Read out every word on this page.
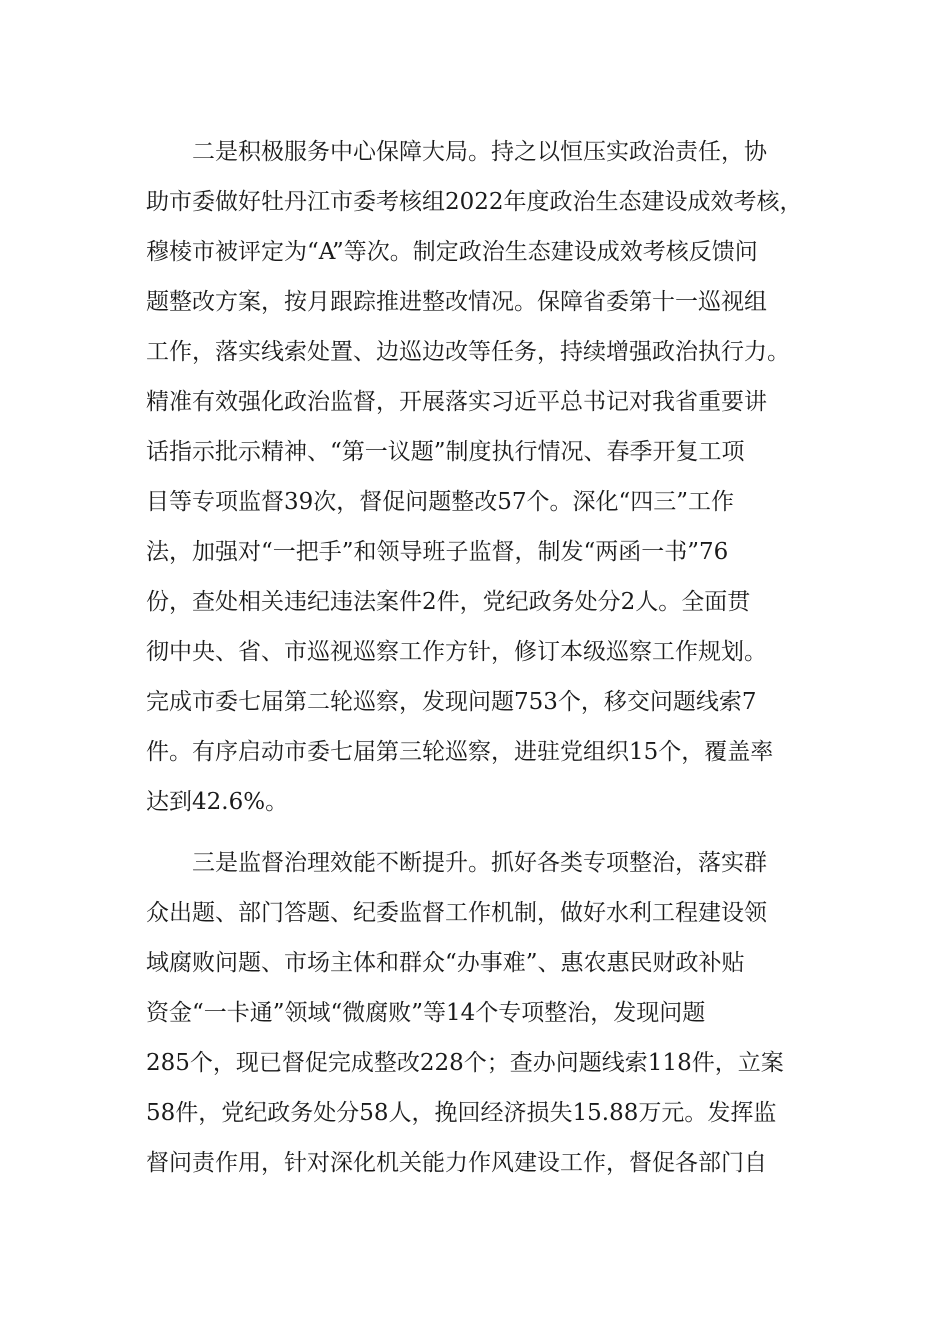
二是积极服务中心保障大局。持之以恒压实政治责任，协
助市委做好牡丹江市委考核组2022年度政治生态建设成效考核，
穆棱市被评定为“A”等次。制定政治生态建设成效考核反馈问
题整改方案，按月跟踪推进整改情况。保障省委第十一巡视组
工作，落实线索处置、边巡边改等任务，持续增强政治执行力。
精准有效强化政治监督，开展落实习近平总书记对我省重要讲
话指示批示精神、“第一议题”制度执行情况、春季开复工项
目等专项监督39次，督促问题整改57个。深化“四三”工作
法，加强对“一把手”和领导班子监督，制发“两函一书”76
份，查处相关违纪违法案件2件，党纪政务处分2人。全面贯
彻中央、省、市巡视巡察工作方针，修订本级巡察工作规划。
完成市委七届第二轮巡察，发现问题753个，移交问题线索7
件。有序启动市委七届第三轮巡察，进驻党组织15个，覆盖率
达到42.6%。
三是监督治理效能不断提升。抓好各类专项整治，落实群
众出题、部门答题、纪委监督工作机制，做好水利工程建设领
域腐败问题、市场主体和群众“办事难”、惠农惠民财政补贴
资金“一卡通”领域“微腐败”等14个专项整治，发现问题
285个，现已督促完成整改228个；查办问题线索118件，立案
58件，党纪政务处分58人，挽回经济损失15.88万元。发挥监
督问责作用，针对深化机关能力作风建设工作，督促各部门自
